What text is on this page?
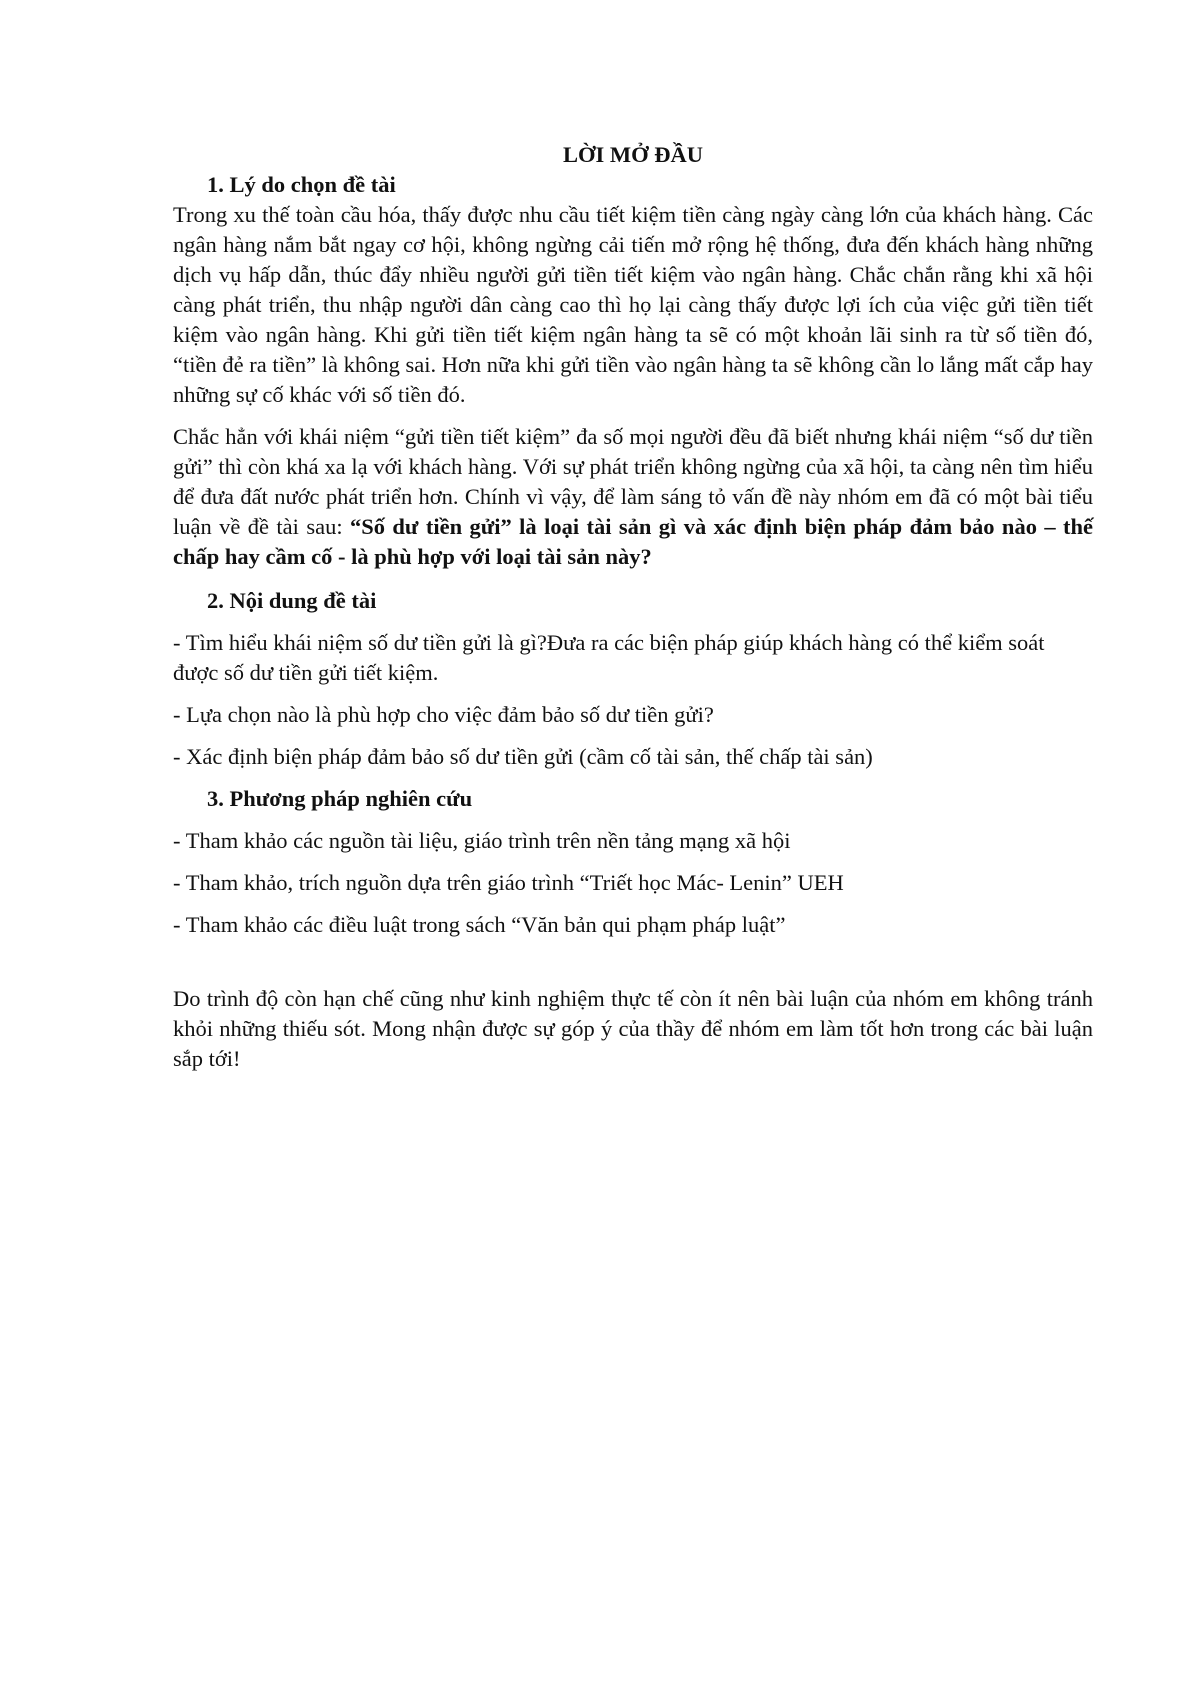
LỜI MỞ ĐẦU

1. Lý do chọn đề tài

Trong xu thế toàn cầu hóa, thấy được nhu cầu tiết kiệm tiền càng ngày càng lớn của khách hàng. Các ngân hàng nắm bắt ngay cơ hội, không ngừng cải tiến mở rộng hệ thống, đưa đến khách hàng những dịch vụ hấp dẫn, thúc đẩy nhiều người gửi tiền tiết kiệm vào ngân hàng. Chắc chắn rằng khi xã hội càng phát triển, thu nhập người dân càng cao thì họ lại càng thấy được lợi ích của việc gửi tiền tiết kiệm vào ngân hàng. Khi gửi tiền tiết kiệm ngân hàng ta sẽ có một khoản lãi sinh ra từ số tiền đó, “tiền đẻ ra tiền” là không sai. Hơn nữa khi gửi tiền vào ngân hàng ta sẽ không cần lo lắng mất cắp hay những sự cố khác với số tiền đó.

Chắc hẳn với khái niệm “gửi tiền tiết kiệm” đa số mọi người đều đã biết nhưng khái niệm “số dư tiền gửi” thì còn khá xa lạ với khách hàng. Với sự phát triển không ngừng của xã hội, ta càng nên tìm hiểu để đưa đất nước phát triển hơn. Chính vì vậy, để làm sáng tỏ vấn đề này nhóm em đã có một bài tiểu luận về đề tài sau: “Số dư tiền gửi” là loại tài sản gì và xác định biện pháp đảm bảo nào – thế chấp hay cầm cố - là phù hợp với loại tài sản này?

2. Nội dung đề tài

- Tìm hiểu khái niệm số dư tiền gửi là gì?Đưa ra các biện pháp giúp khách hàng có thể kiểm soát được số dư tiền gửi tiết kiệm.

- Lựa chọn nào là phù hợp cho việc đảm bảo số dư tiền gửi?

- Xác định biện pháp đảm bảo số dư tiền gửi (cầm cố tài sản, thế chấp tài sản)

3. Phương pháp nghiên cứu

- Tham khảo các nguồn tài liệu, giáo trình trên nền tảng mạng xã hội

- Tham khảo, trích nguồn dựa trên giáo trình “Triết học Mác- Lenin” UEH

- Tham khảo các điều luật trong sách “Văn bản qui phạm pháp luật”

Do trình độ còn hạn chế cũng như kinh nghiệm thực tế còn ít nên bài luận của nhóm em không tránh khỏi những thiếu sót. Mong nhận được sự góp ý của thầy để nhóm em làm tốt hơn trong các bài luận sắp tới!
